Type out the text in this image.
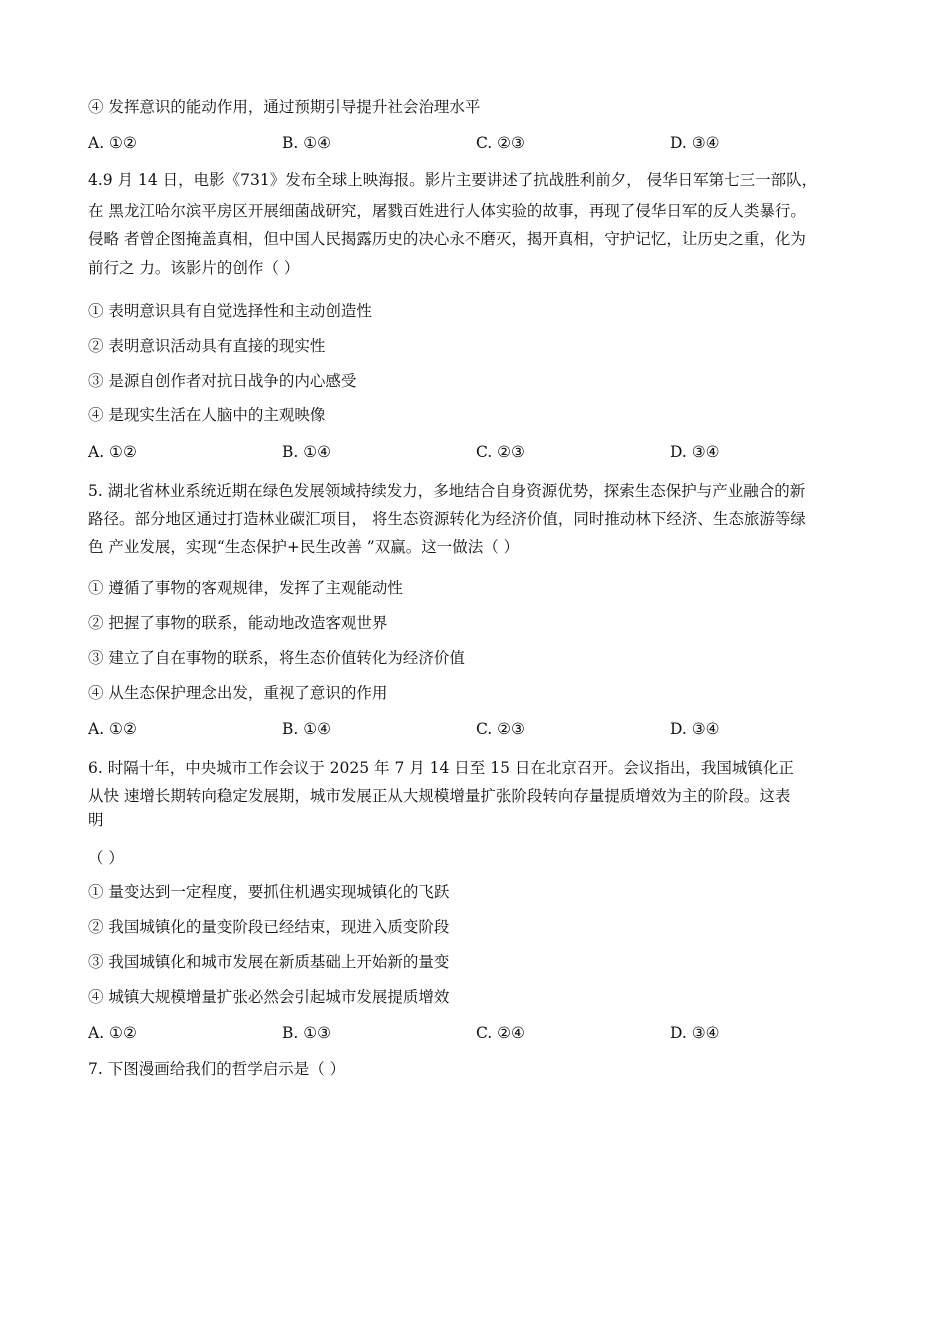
④ 发挥意识的能动作用，通过预期引导提升社会治理水平
A. ①②	B. ①④	C. ②③	D. ③④
4.9 月 14 日，电影《731》发布全球上映海报。影片主要讲述了抗战胜利前夕， 侵华日军第七三一部队，
在 黑龙江哈尔滨平房区开展细菌战研究，屠戮百姓进行人体实验的故事，再现了侵华日军的反人类暴行。
侵略 者曾企图掩盖真相，但中国人民揭露历史的决心永不磨灭，揭开真相，守护记忆，让历史之重，化为
前行之 力。该影片的创作（ ）
① 表明意识具有自觉选择性和主动创造性
② 表明意识活动具有直接的现实性
③ 是源自创作者对抗日战争的内心感受
④ 是现实生活在人脑中的主观映像
A. ①②	B. ①④	C. ②③	D. ③④
5. 湖北省林业系统近期在绿色发展领域持续发力，多地结合自身资源优势，探索生态保护与产业融合的新
路径。部分地区通过打造林业碳汇项目， 将生态资源转化为经济价值，同时推动林下经济、生态旅游等绿
色 产业发展，实现“生态保护+民生改善 ”双赢。这一做法（ ）
① 遵循了事物的客观规律，发挥了主观能动性
② 把握了事物的联系，能动地改造客观世界
③ 建立了自在事物的联系，将生态价值转化为经济价值
④ 从生态保护理念出发，重视了意识的作用
A. ①②	B. ①④	C. ②③	D. ③④
6. 时隔十年，中央城市工作会议于 2025 年 7 月 14 日至 15 日在北京召开。会议指出，我国城镇化正
从快 速增长期转向稳定发展期，城市发展正从大规模增量扩张阶段转向存量提质增效为主的阶段。这表
明
（ ）
① 量变达到一定程度，要抓住机遇实现城镇化的飞跃
② 我国城镇化的量变阶段已经结束，现进入质变阶段
③ 我国城镇化和城市发展在新质基础上开始新的量变
④ 城镇大规模增量扩张必然会引起城市发展提质增效
A. ①②	B. ①③	C. ②④	D. ③④
7. 下图漫画给我们的哲学启示是（ ）
